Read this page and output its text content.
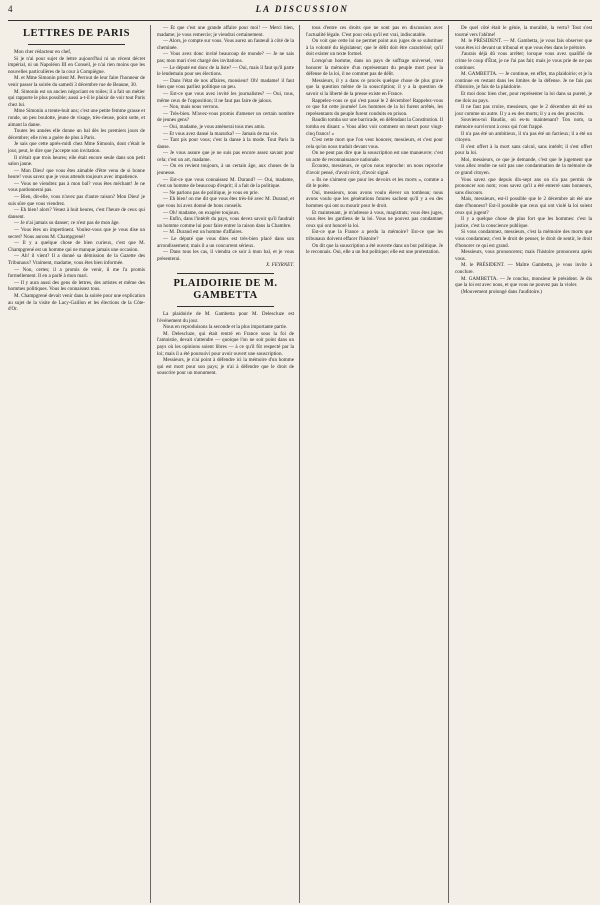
4	LA DISCUSSION
LETTRES DE PARIS

Mon cher rédacteur en chef,

Si je n'ai pour sujet de lettre aujourd'hui ni un récent décret impérial, ni un Napoléon III en Conseil, je n'ai rien moins que les nouvelles particulières de la cour à Compiègne.

M. et Mme Simonin prient M. Perrout de leur faire l'honneur de venir passer la soirée du samedi 3 décembre rue de Beaune, 30.

M. Simonin est un ancien négociant en toiles; il a fait un métier qui rapporte le plus possible; aussi a-t-il le plaisir de voir tout Paris chez lui.

Mme Simonin a trente-huit ans; c'est une petite femme grasse et ronde, un peu boulotte, jeune de visage, très-rieuse, point sotte, et aimant la danse.

Toutes les années elle donne un bal dès les premiers jours de décembre; elle n'en a guère de plus à Paris.

Je sais que cette après-midi chez Mme Simonin, dont c'était le jour, peut, le dire que j'accepte son invitation.

Il n'était que trois heures; elle était encore seule dans son petit salon jaune.

— Mon Dieu! que vous êtes aimable d'être venu de si bonne heure! vous savez que je vous attends toujours avec impatience.

— Vous ne viendrez pas à mon bal? vous êtes méchant! Je ne vous pardonnerai pas.

— Bien, dit-elle, vous n'avez pas d'autre raison? Mon Dieu! je suis sûre que vous viendrez.

— Eh bien! alors? Venez à huit heures, c'est l'heure de ceux qui dansent.

— Je n'ai jamais su danser; ce n'est pas de mon âge.

— Vous êtes un impertinent. Voulez-vous que je vous dise un secret? Nous aurons M. Champgrené!

— Il y a quelque chose de bien curieux, c'est que M. Champgrené est un homme qui ne manque jamais une occasion.

— Ah! il vient? Il a donné sa démission de la Gazette des Tribunaux? Vraiment, madame, vous êtes bien informée.

— Non, certes; il a promis de venir, il me l'a promis formellement. Il en a parlé à mon mari.

— Il y aura aussi des gens de lettres, des artistes et même des hommes politiques. Vous les connaissez tous.

M. Champgrené devait venir dans la soirée pour une explication au sujet de la visite de Lacy-Gaillon et les élections de la Côte-d'Or.

— Et que c'est une grande affaire pour moi! — Merci bien, madame; je vous remercie; je viendrai certainement.

— Alors, je compte sur vous. Vous aurez un fauteuil à côté de la cheminée.

— Vous avez donc invité beaucoup de monde? — Je ne sais pas; mon mari s'est chargé des invitations.

— Le député est donc de la liste? — Oui, mais il faut qu'il parte le lendemain pour ses élections.

— Dans l'état de nos affaires, monsieur! Oh! madame! il faut bien que vous parliez politique un peu.

— Est-ce que vous avez invité les journalistes? — Oui, tous, même ceux de l'opposition; il ne faut pas faire de jaloux.

— Non, mais nous verrons.

— Très-bien. M'avez-vous promis d'amener un certain nombre de jeunes gens?

— Oui, madame, je vous amènerai tous mes amis.

— Et vous avez dansé la mazurka? — Jamais de ma vie.

— Tant pis pour vous; c'est la danse à la mode. Tout Paris la danse.

— Je vous assure que je ne suis pas encore assez savant pour cela; c'est un art, madame.

— On en revient toujours, à un certain âge, aux choses de la jeunesse.

— Est-ce que vous connaissez M. Durand? — Oui, madame, c'est un homme de beaucoup d'esprit; il a fait de la politique.

— Ne parlons pas de politique, je vous en prie.

— Eh bien! on me dit que vous êtes très-lié avec M. Durand, et que vous lui avez donné de bons conseils.

— Oh! madame, on exagère toujours.

— Enfin, dans l'intérêt du pays, vous devez savoir qu'il faudrait un homme comme lui pour faire entrer la raison dans la Chambre.

— M. Durand est un homme d'affaires.

— Le député que vous dites est très-bien placé dans son arrondissement; mais il a un concurrent sérieux.

— Dans tous les cas, il viendra ce soir à mon bal, et je vous présenterai.

X. FEYRNET.

PLAIDOIRIE DE M. GAMBETTA

La plaidoirie de M. Gambetta pour M. Delescluze est l'événement du jour.

Nous en reproduisons la seconde et la plus importante partie.

M. Delescluze, qui était rentré en France sous la foi de l'amnistie, devait s'attendre — quoique l'on ne soit point dans un pays où les opinions soient libres — à ce qu'il fût respecté par la loi; mais il a été poursuivi pour avoir ouvert une souscription.

Messieurs, je n'ai point à défendre ici la mémoire d'un homme qui est mort pour son pays; je n'ai à défendre que le droit de souscrire pour un monument.

tous d'entre ces droits que ne sont pas en discussion avec l'actualité légale. C'est pour cela qu'il est vrai, indiscutable.

On voit que cette loi ne permet point aux juges de se substituer à la volonté du législateur; que le délit doit être caractérisé; qu'il doit exister un texte formel.

Lorsqu'un homme, dans un pays de suffrage universel, veut honorer la mémoire d'un représentant du peuple mort pour la défense de la loi, il ne commet pas de délit.

Messieurs, il y a dans ce procès quelque chose de plus grave que la question même de la souscription; il y a la question de savoir si la liberté de la presse existe en France.

Rappelez-vous ce qui s'est passé le 2 décembre! Rappelez-vous ce que fut cette journée! Les hommes de la loi furent arrêtés, les représentants du peuple furent conduits en prison.

Baudin tomba sur une barricade, en défendant la Constitution. Il tomba en disant: « Vous allez voir comment on meurt pour vingt-cinq francs! »

C'est cette mort que l'on veut honorer, messieurs, et c'est pour cela qu'on nous traduit devant vous.

On ne peut pas dire que la souscription est une manœuvre; c'est un acte de reconnaissance nationale.

Écoutez, messieurs, ce qu'on nous reproche: on nous reproche d'avoir pensé, d'avoir écrit, d'avoir signé.

« Ils ne s'aiment que pour les devoirs et les morts », comme a dit le poète.

Oui, messieurs, nous avons voulu élever un tombeau; nous avons voulu que les générations futures sachent qu'il y a eu des hommes qui ont su mourir pour le droit.

Et maintenant, je m'adresse à vous, magistrats; vous êtes juges, vous êtes les gardiens de la loi. Vous ne pouvez pas condamner ceux qui ont honoré la loi.

Est-ce que la France a perdu la mémoire? Est-ce que les tribunaux doivent effacer l'histoire?

On dit que la souscription a été ouverte dans un but politique. Je le reconnais. Oui, elle a un but politique; elle est une protestation.

De quel côté était le génie, la moralité, la vertu? Tout s'est tourné vers l'abîme!

M. le PRÉSIDENT. — M. Gambetta, je vous fais observer que vous êtes ici devant un tribunal et que vous êtes dans le prétoire.

J'aurais déjà dû vous arrêter; lorsque vous avez qualifié de crime le coup d'État, je ne l'ai pas fait; mais je vous prie de ne pas continuer.

M. GAMBETTA. — Je continue, en effet, ma plaidoirie; et je la continue en restant dans les limites de la défense. Je ne fais pas d'histoire, je fais de la plaidoirie.

Et moi donc bien cher, pour représenter la loi dans sa pureté, je me dois au pays.

Il ne faut pas croire, messieurs, que le 2 décembre ait été un jour comme un autre. Il y a eu des morts; il y a eu des proscrits.

Souviens-toi Baudin, où es-tu maintenant? Ton nom, ta mémoire survivront à ceux qui t'ont frappé.

Il n'a pas été un ambitieux, il n'a pas été un factieux; il a été un citoyen.

Il s'est offert à la mort sans calcul, sans intérêt; il s'est offert pour la loi.

Moi, messieurs, ce que je demande, c'est que le jugement que vous allez rendre ne soit pas une condamnation de la mémoire de ce grand citoyen.

Vous savez que depuis dix-sept ans on n'a pas permis de prononcer son nom; vous savez qu'il a été enterré sans honneurs, sans discours.

Mais, messieurs, est-il possible que le 2 décembre ait été une date d'honneur? Est-il possible que ceux qui ont violé la loi soient ceux qui jugent?

Il y a quelque chose de plus fort que les hommes: c'est la justice, c'est la conscience publique.

Si vous condamnez, messieurs, c'est la mémoire des morts que vous condamnez; c'est le droit de penser, le droit de sentir, le droit d'honorer ce qui est grand.

Messieurs, vous prononcerez; mais l'histoire prononcera après vous.

M. le PRÉSIDENT. — Maître Gambetta, je vous invite à conclure.

M. GAMBETTA. — Je conclus, monsieur le président. Je dis que la loi est avec nous, et que vous ne pouvez pas la violer.

(Mouvement prolongé dans l'auditoire.)
